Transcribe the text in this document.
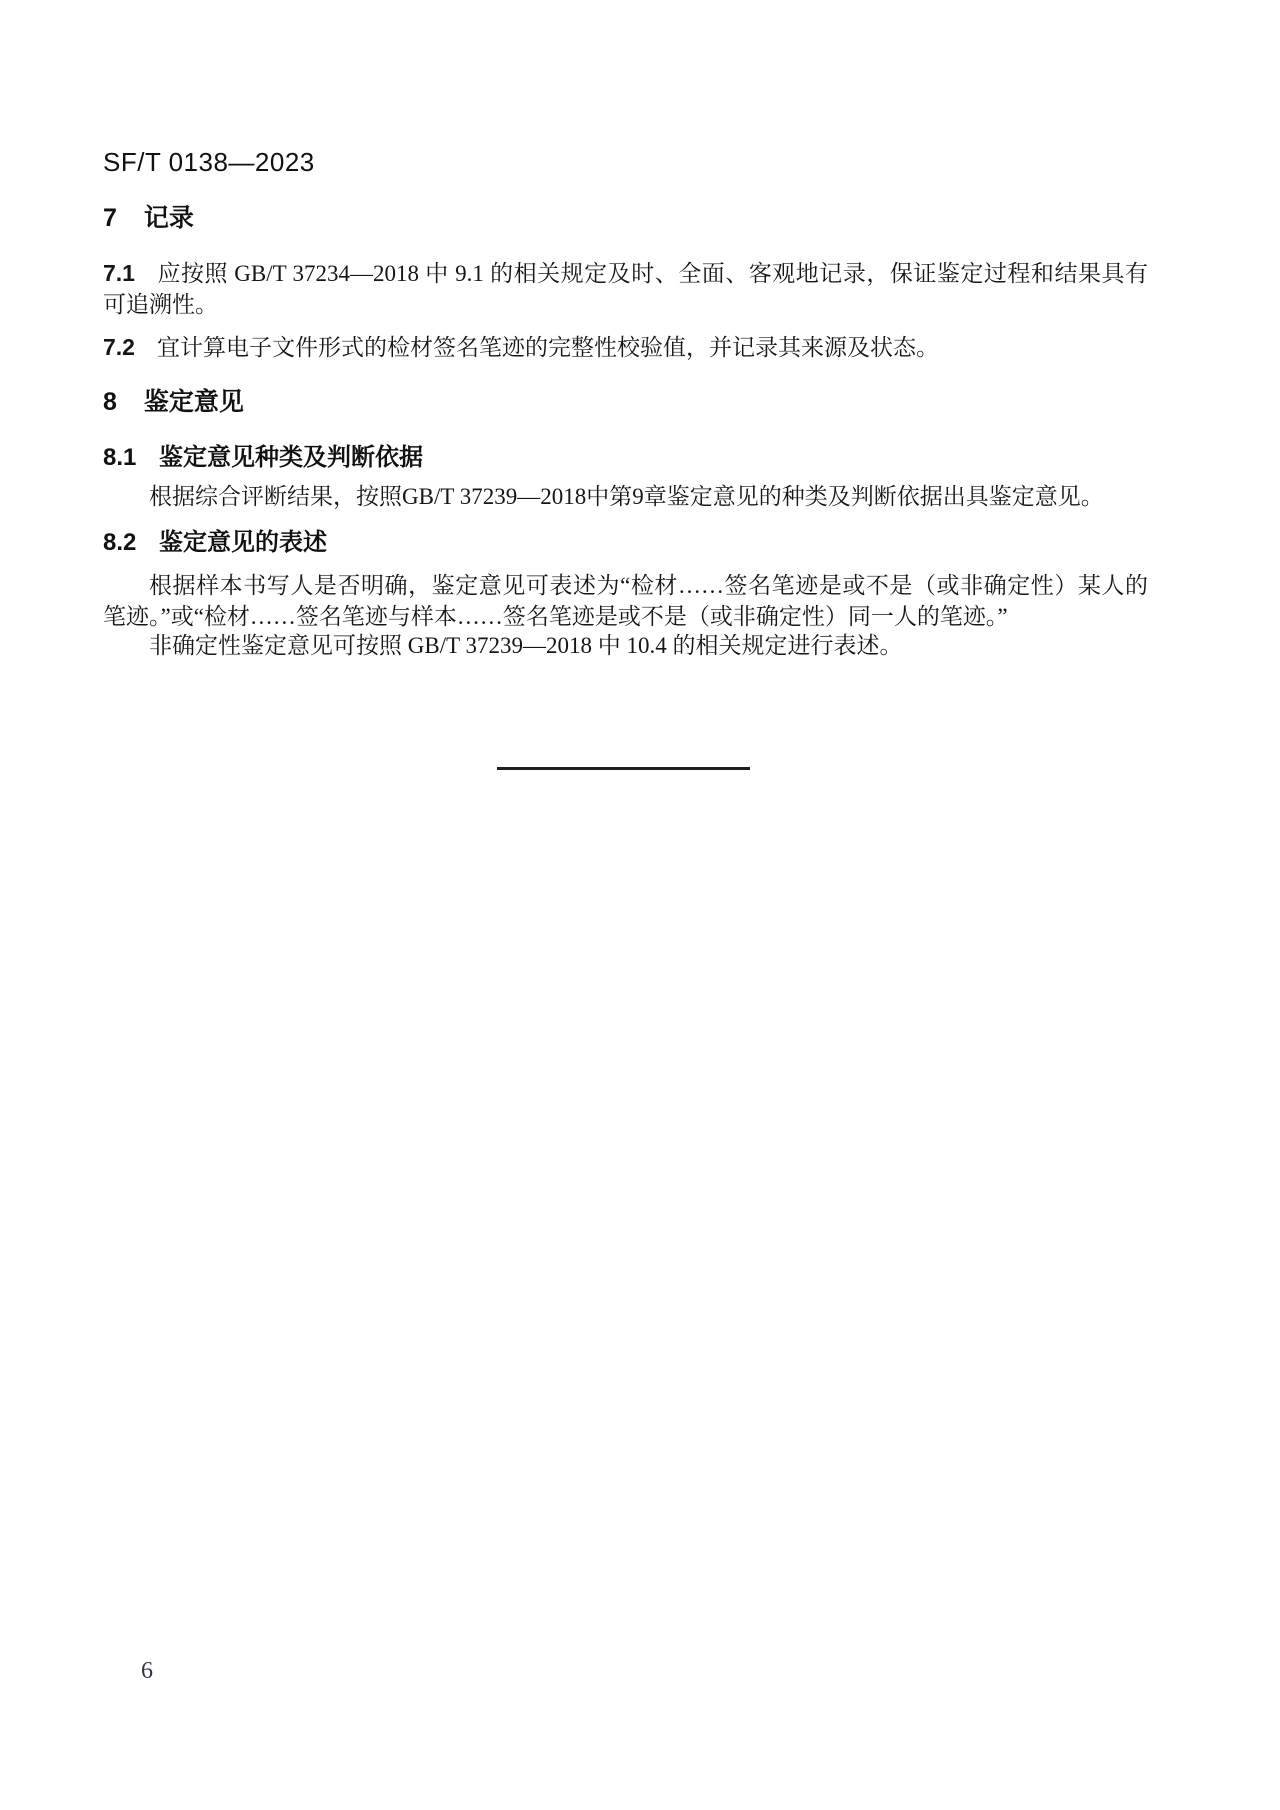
SF/T 0138—2023
7 记录
7.1 应按照 GB/T 37234—2018 中 9.1 的相关规定及时、全面、客观地记录，保证鉴定过程和结果具有可追溯性。
7.2 宜计算电子文件形式的检材签名笔迹的完整性校验值，并记录其来源及状态。
8 鉴定意见
8.1 鉴定意见种类及判断依据
根据综合评断结果，按照GB/T 37239—2018中第9章鉴定意见的种类及判断依据出具鉴定意见。
8.2 鉴定意见的表述
根据样本书写人是否明确，鉴定意见可表述为“检材……签名笔迹是或不是（或非确定性）某人的笔迹。”或“检材……签名笔迹与样本……签名笔迹是或不是（或非确定性）同一人的笔迹。”
非确定性鉴定意见可按照 GB/T 37239—2018 中 10.4 的相关规定进行表述。
6
